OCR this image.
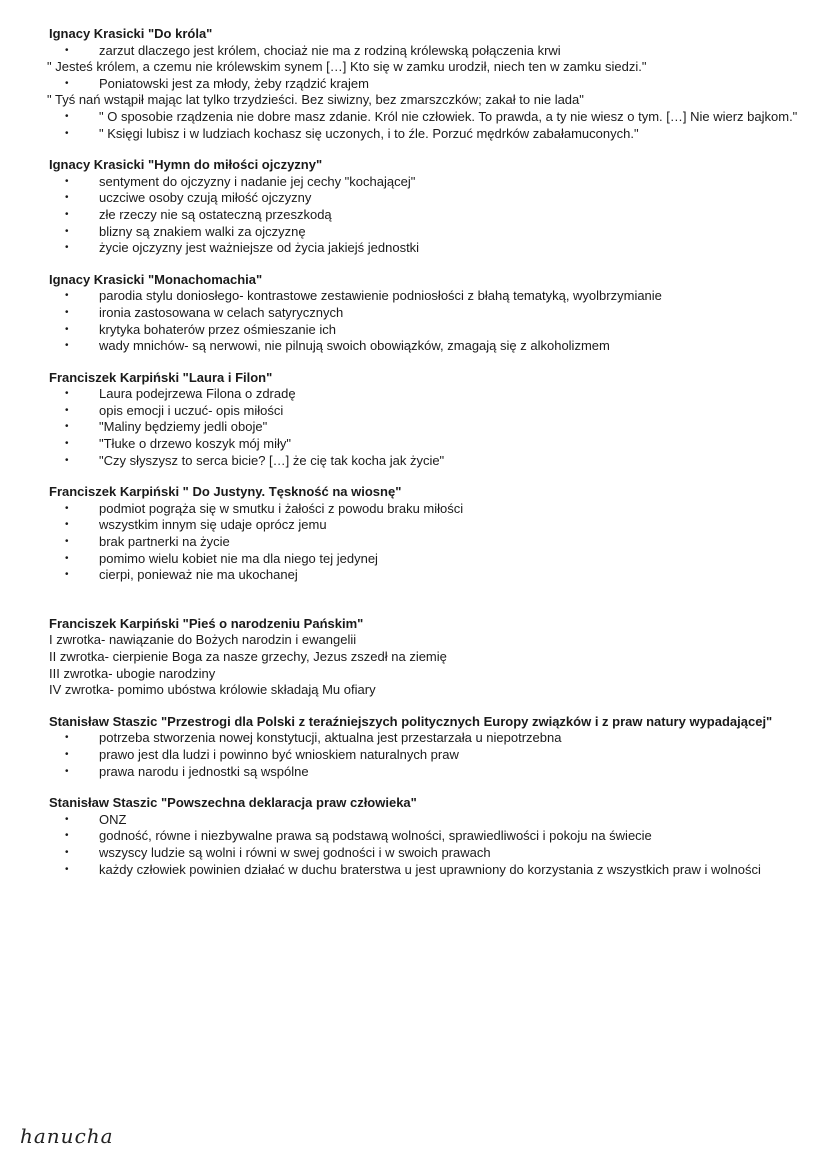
Ignacy Krasicki "Do króla"

• zarzut dlaczego jest królem, chociaż nie ma z rodziną królewską połączenia krwi

" Jesteś królem, a czemu nie królewskim synem […] Kto się w zamku urodził, niech ten w zamku siedzi."

• Poniatowski jest za młody, żeby rządzić krajem

" Tyś nań wstąpił mając lat tylko trzydzieści. Bez siwizny, bez zmarszczków; zakał to nie lada"

• " O sposobie rządzenia nie dobre masz zdanie. Król nie człowiek. To prawda, a ty nie wiesz o tym. […] Nie wierz bajkom."
• " Księgi lubisz i w ludziach kochasz się uczonych, i to źle. Porzuć mędrków zabałamuconych."

Ignacy Krasicki "Hymn do miłości ojczyzny"

• sentyment do ojczyzny i nadanie jej cechy "kochającej"
• uczciwe osoby czują miłość ojczyzny
• złe rzeczy nie są ostateczną przeszkodą
• blizny są znakiem walki za ojczyznę
• życie ojczyzny jest ważniejsze od życia jakiejś jednostki

Ignacy Krasicki "Monachomachia"

• parodia stylu doniosłego- kontrastowe zestawienie podniosłości z błahą tematyką, wyolbrzymianie
• ironia zastosowana w celach satyrycznych
• krytyka bohaterów przez ośmieszanie ich
• wady mnichów- są nerwowi, nie pilnują swoich obowiązków, zmagają się z alkoholizmem

Franciszek Karpiński "Laura i Filon"

• Laura podejrzewa Filona o zdradę
• opis emocji i uczuć- opis miłości
• "Maliny będziemy jedli oboje"
• "Tłuke o drzewo koszyk mój miły"
• "Czy słyszysz to serca bicie? […] że cię tak kocha jak życie"

Franciszek Karpiński " Do Justyny. Tęskność na wiosnę"

• podmiot pogrąża się w smutku i żałości z powodu braku miłości
• wszystkim innym się udaje oprócz jemu
• brak partnerki na życie
• pomimo wielu kobiet nie ma dla niego tej jedynej
• cierpi, ponieważ nie ma ukochanej

Franciszek Karpiński "Pieś o narodzeniu Pańskim"

I zwrotka- nawiązanie do Bożych narodzin i ewangelii

II zwrotka- cierpienie Boga za nasze grzechy, Jezus zszedł na ziemię

III zwrotka- ubogie narodziny

IV zwrotka- pomimo ubóstwa królowie składają Mu ofiary

Stanisław Staszic "Przestrogi dla Polski z teraźniejszych politycznych Europy związków i z praw natury wypadającej"

• potrzeba stworzenia nowej konstytucji, aktualna jest przestarzała u niepotrzebna
• prawo jest dla ludzi i powinno być wnioskiem naturalnych praw
• prawa narodu i jednostki są wspólne

Stanisław Staszic "Powszechna deklaracja praw człowieka"

• ONZ
• godność, równe i niezbywalne prawa są podstawą wolności, sprawiedliwości i pokoju na świecie
• wszyscy ludzie są wolni i równi w swej godności i w swoich prawach
• każdy człowiek powinien działać w duchu braterstwa u jest uprawniony do korzystania z wszystkich praw i wolności
hanucha
